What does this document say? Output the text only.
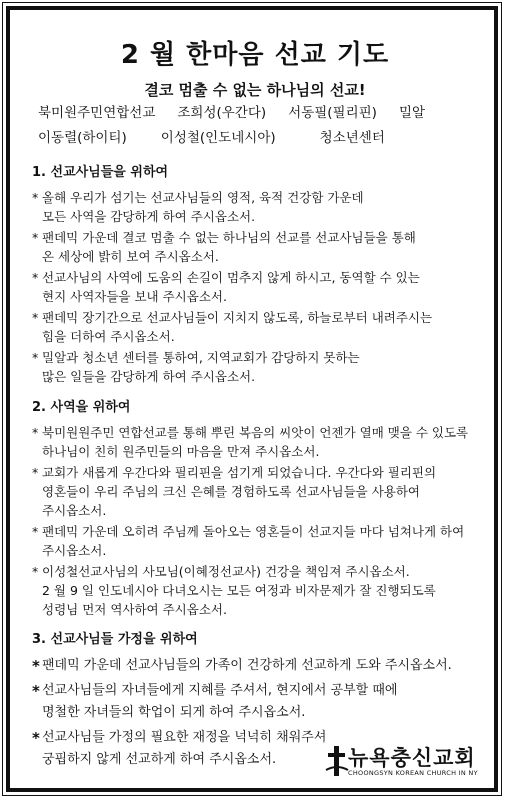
2 월 한마음 선교 기도
결코 멈출 수 없는 하나님의 선교!
북미원주민연합선교 조희성(우간다) 서동필(필리핀) 밀알
이동렬(하이티)	이성철(인도네시아)	청소년센터
1. 선교사님들을 위하여
* 올해 우리가 섬기는 선교사님들의 영적, 육적 건강함 가운데
모든 사역을 감당하게 하여 주시옵소서.
* 팬데믹 가운데 결코 멈출 수 없는 하나님의 선교를 선교사님들을 통해
온 세상에 밝히 보여 주시옵소서.
* 선교사님의 사역에 도움의 손길이 멈추지 않게 하시고, 동역할 수 있는
현지 사역자들을 보내 주시옵소서.
* 팬데믹 장기간으로 선교사님들이 지치지 않도록, 하늘로부터 내려주시는
힘을 더하여 주시옵소서.
* 밀알과 청소년 센터를 통하여, 지역교회가 감당하지 못하는
많은 일들을 감당하게 하여 주시옵소서.
2. 사역을 위하여
* 북미원원주민 연합선교를 통해 뿌린 복음의 씨앗이 언젠가 열매 맺을 수 있도록
하나님이 친히 원주민들의 마음을 만져 주시옵소서.
* 교회가 새롭게 우간다와 필리핀을 섬기게 되었습니다. 우간다와 필리핀의
영혼들이 우리 주님의 크신 은혜를 경험하도록 선교사님들을 사용하여
주시옵소서.
* 팬데믹 가운데 오히려 주님께 돌아오는 영혼들이 선교지들 마다 넘쳐나게 하여
주시옵소서.
* 이성철선교사님의 사모님(이혜정선교사) 건강을 책임져 주시옵소서.
2 월 9 일 인도네시아 다녀오시는 모든 여정과 비자문제가 잘 진행되도록
성령님 먼저 역사하여 주시옵소서.
3. 선교사님들 가정을 위하여
* 팬데믹 가운데 선교사님들의 가족이 건강하게 선교하게 도와 주시옵소서.
* 선교사님들의 자녀들에게 지혜를 주셔서, 현지에서 공부할 때에
명철한 자녀들의 학업이 되게 하여 주시옵소서.
* 선교사님들 가정의 필요한 재정을 넉넉히 채워주셔
궁핍하지 않게 선교하게 하여 주시옵소서.	뉴욕충신교회
CHOONGSYN KOREAN CHURCH IN NY
